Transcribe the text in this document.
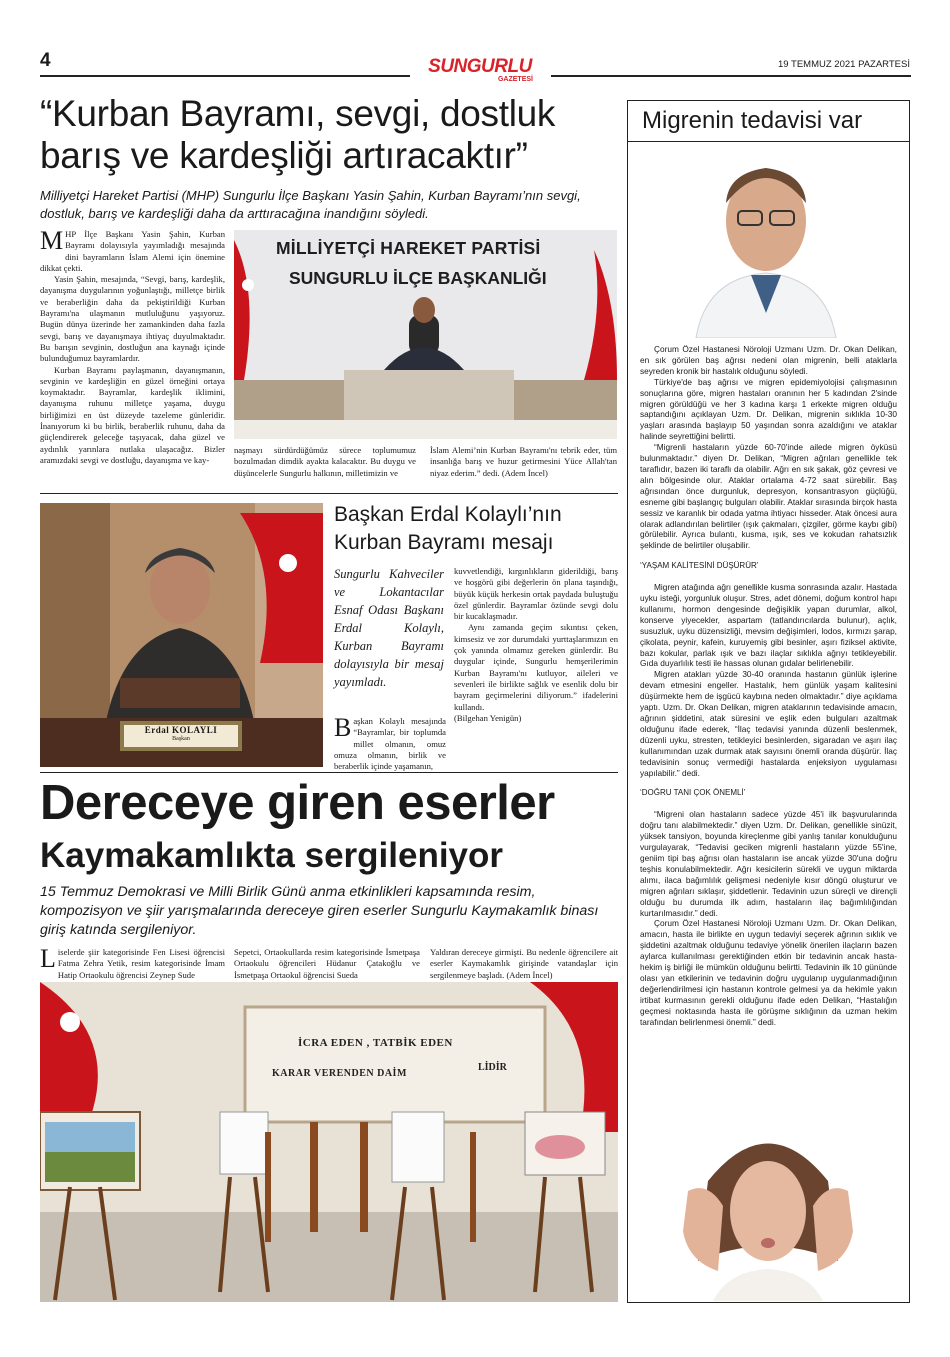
4	SUNGURLU
GAZETESİ
19 TEMMUZ 2021 PAZARTESİ
“Kurban Bayramı, sevgi, dostluk barış ve kardeşliği artıracaktır”
Milliyetçi Hareket Partisi (MHP) Sungurlu İlçe Başkanı Yasin Şahin, Kurban Bayramı’nın sevgi, dostluk, barış ve kardeşliği daha da arttıracağına inandığını söyledi.

MHP İlçe Başkanı Yasin Şahin, Kurban Bayramı dolayısıyla yayımladığı mesajında dini bayramların İslam Alemi için önemine dikkat çekti.

Yasin Şahin, mesajında, “Sevgi, barış, kardeşlik, dayanışma duygularının yoğunlaştığı, milletçe birlik ve beraberliğin daha da pekiştirildiği Kurban Bayramı'na ulaşmanın mutluluğunu yaşıyoruz. Bugün dünya üzerinde her zamankinden daha fazla sevgi, barış ve dayanışmaya ihtiyaç duyulmaktadır. Bu barışın sevginin, dostluğun ana kaynağı içinde bulunduğumuz bayramlardır.

Kurban Bayramı paylaşmanın, dayanışmanın, sevginin ve kardeşliğin en güzel örneğini ortaya koymaktadır. Bayramlar, kardeşlik iklimini, dayanışma ruhunu milletçe yaşama, duygu birliğimizi en üst düzeyde tazeleme günleridir. İnanıyorum ki bu birlik, beraberlik ruhunu, daha da güçlendirerek geleceğe taşıyacak, daha güzel ve aydınlık yarınlara nutlaka ulaşacağız. Bizler aramızdaki sevgi ve dostluğu, dayanışma ve kay-

MİLLİYETÇİ HAREKET PARTİSİ
SUNGURLU İLÇE BAŞKANLIĞI

naşmayı sürdürdüğümüz sürece toplumumuz bozulmadan dimdik ayakta kalacaktır. Bu duygu ve düşüncelerle Sungurlu halkının, milletimizin ve

İslam Alemi’nin Kurban Bayramı'nı tebrik eder, tüm insanlığa barış ve huzur getirmesini Yüce Allah'tan niyaz ederim.” dedi. (Adem İncel)

Erdal KOLAYLI
Başkan
Başkan Erdal Kolaylı’nın
Kurban Bayramı mesajı
Sungurlu Kahveciler ve Lokantacılar Esnaf Odası Başkanı Erdal Kolaylı, Kurban Bayramı dolayısıyla bir mesaj yayımladı.

Başkan Kolaylı mesajında “Bayramlar, bir toplumda millet olmanın, omuz omuza olmanın, birlik ve beraberlik içinde yaşamanın,

kuvvetlendiği, kırgınlıkların giderildiği, barış ve hoşgörü gibi değerlerin ön plana taşındığı, büyük küçük herkesin ortak paydada buluştuğu özel günlerdir. Bayramlar özünde sevgi dolu bir kucaklaşmadır.

Aynı zamanda geçim sıkıntısı çeken, kimsesiz ve zor durumdaki yurttaşlarımızın en çok yanında olmamız gereken günlerdir. Bu duygular içinde, Sungurlu hemşerilerimin Kurban Bayramı'nı kutluyor, aileleri ve sevenleri ile birlikte sağlık ve esenlik dolu bir bayram geçirmelerini diliyorum.” ifadelerini kullandı.

(Bilgehan Yenigün)

Dereceye giren eserler
Kaymakamlıkta sergileniyor
15 Temmuz Demokrasi ve Milli Birlik Günü anma etkinlikleri kapsamında resim, kompozisyon ve şiir yarışmalarında dereceye giren eserler Sungurlu Kaymakamlık binası giriş katında sergileniyor.

Liselerde şiir kategorisinde Fen Lisesi öğrencisi Fatma Zehra Yetik, resim kategorisinde İmam Hatip Ortaokulu öğrencisi Zeynep Sude

Sepetci, Ortaokullarda resim kategorisinde İsmetpaşa Ortaokulu öğrencileri Hüdanur Çatakoğlu ve İsmetpaşa Ortaokul öğrencisi Sueda

Yaldıran dereceye girmişti. Bu nedenle öğrencilere ait eserler Kaymakamlık girişinde vatandaşlar için sergilenmeye başladı. (Adem İncel)

İCRA EDEN , TATBİK EDEN
KARAR VERENDEN DAİM
LİDİR
Migrenin tedavisi var

Çorum Özel Hastanesi Nöroloji Uzmanı Uzm. Dr. Okan Delikan, en sık görülen baş ağrısı nedeni olan migrenin, belli ataklarla seyreden kronik bir hastalık olduğunu söyledi.

Türkiye'de baş ağrısı ve migren epidemiyolojisi çalışmasının sonuçlarına göre, migren hastaları oranının her 5 kadından 2'sinde migren görüldüğü ve her 3 kadına karşı 1 erkekte migren olduğu saptandığını açıklayan Uzm. Dr. Delikan, migrenin sıklıkla 10-30 yaşları arasında başlayıp 50 yaşından sonra azaldığını ve ataklar halinde seyrettiğini belirtti.

“Migrenli hastaların yüzde 60-70'inde ailede migren öyküsü bulunmaktadır.” diyen Dr. Delikan, “Migren ağrıları genellikle tek taraflıdır, bazen iki taraflı da olabilir. Ağrı en sık şakak, göz çevresi ve alın bölgesinde olur. Ataklar ortalama 4-72 saat sürebilir. Baş ağrısından önce durgunluk, depresyon, konsantrasyon güçlüğü, esneme gibi başlangıç bulguları olabilir. Ataklar sırasında birçok hasta sessiz ve karanlık bir odada yatma ihtiyacı hisseder. Atak öncesi aura olarak adlandırılan belirtiler (ışık çakmaları, çizgiler, görme kaybı gibi) görülebilir. Ayrıca bulantı, kusma, ışık, ses ve kokudan rahatsızlık şeklinde de belirtiler oluşabilir.

‘YAŞAM KALİTESİNİ DÜŞÜRÜR’

Migren atağında ağrı genellikle kusma sonrasında azalır. Hastada uyku isteği, yorgunluk oluşur. Stres, adet dönemi, doğum kontrol hapı kullanımı, hormon dengesinde değişiklik yapan durumlar, alkol, konserve yiyecekler, aspartam (tatlandırıcılarda bulunur), açlık, susuzluk, uyku düzensizliği, mevsim değişimleri, lodos, kırmızı şarap, çikolata, peynir, kafein, kuruyemiş gibi besinler, aşırı fiziksel aktivite, bazı kokular, parlak ışık ve bazı ilaçlar sıklıkla ağrıyı tetikleyebilir. Gıda duyarlılık testi ile hassas olunan gıdalar belirlenebilir.

Migren atakları yüzde 30-40 oranında hastanın günlük işlerine devam etmesini engeller. Hastalık, hem günlük yaşam kalitesini düşürmekte hem de işgücü kaybına neden olmaktadır.” diye açıklama yaptı. Uzm. Dr. Okan Delikan, migren ataklarının tedavisinde amacın, ağrının şiddetini, atak süresini ve eşlik eden bulguları azaltmak olduğunu ifade ederek, “İlaç tedavisi yanında düzenli beslenmek, düzenli uyku, stresten, tetikleyici besinlerden, sigaradan ve aşırı ilaç kullanımından uzak durmak atak sayısını önemli oranda düşürür. İlaç tedavisinin sonuç vermediği hastalarda enjeksiyon uygulaması yapılabilir.” dedi.

‘DOĞRU TANI ÇOK ÖNEMLİ’

“Migreni olan hastaların sadece yüzde 45'i ilk başvurularında doğru tanı alabilmektedir.” diyen Uzm. Dr. Delikan, genellikle sinüzit, yüksek tansiyon, boyunda kireçlenme gibi yanlış tanılar konulduğunu vurgulayarak, “Tedavisi geciken migrenli hastaların yüzde 55'ine, geniim tipi baş ağrısı olan hastaların ise ancak yüzde 30'una doğru teşhis konulabilmektedir. Ağrı kesicilerin sürekli ve uygun miktarda alımı, ilaca bağımlılık gelişmesi nedeniyle kısır döngü oluşturur ve migren ağrıları sıklaşır, şiddetlenir. Tedavinin uzun süreçli ve dirençli olduğu bu durumda ilk adım, hastaların ilaç bağımlılığından kurtarılmasıdır.” dedi.

Çorum Özel Hastanesi Nöroloji Uzmanı Uzm. Dr. Okan Delikan, amacın, hasta ile birlikte en uygun tedaviyi seçerek ağrının sıklık ve şiddetini azaltmak olduğunu tedaviye yönelik önerilen ilaçların bazen aylarca kullanılması gerektiğinden etkin bir tedavinin ancak hasta- hekim iş birliği ile mümkün olduğunu belirtti. Tedavinin ilk 10 gününde olası yan etkilerinin ve tedavinin doğru uygulanıp uygulanmadığının değerlendirilmesi için hastanın kontrole gelmesi ya da hekimle yakın irtibat kurmasının gerekli olduğunu ifade eden Delikan, “Hastalığın geçmesi noktasında hasta ile görüşme sıklığının da uzman hekim tarafından belirlenmesi önemli.” dedi.
